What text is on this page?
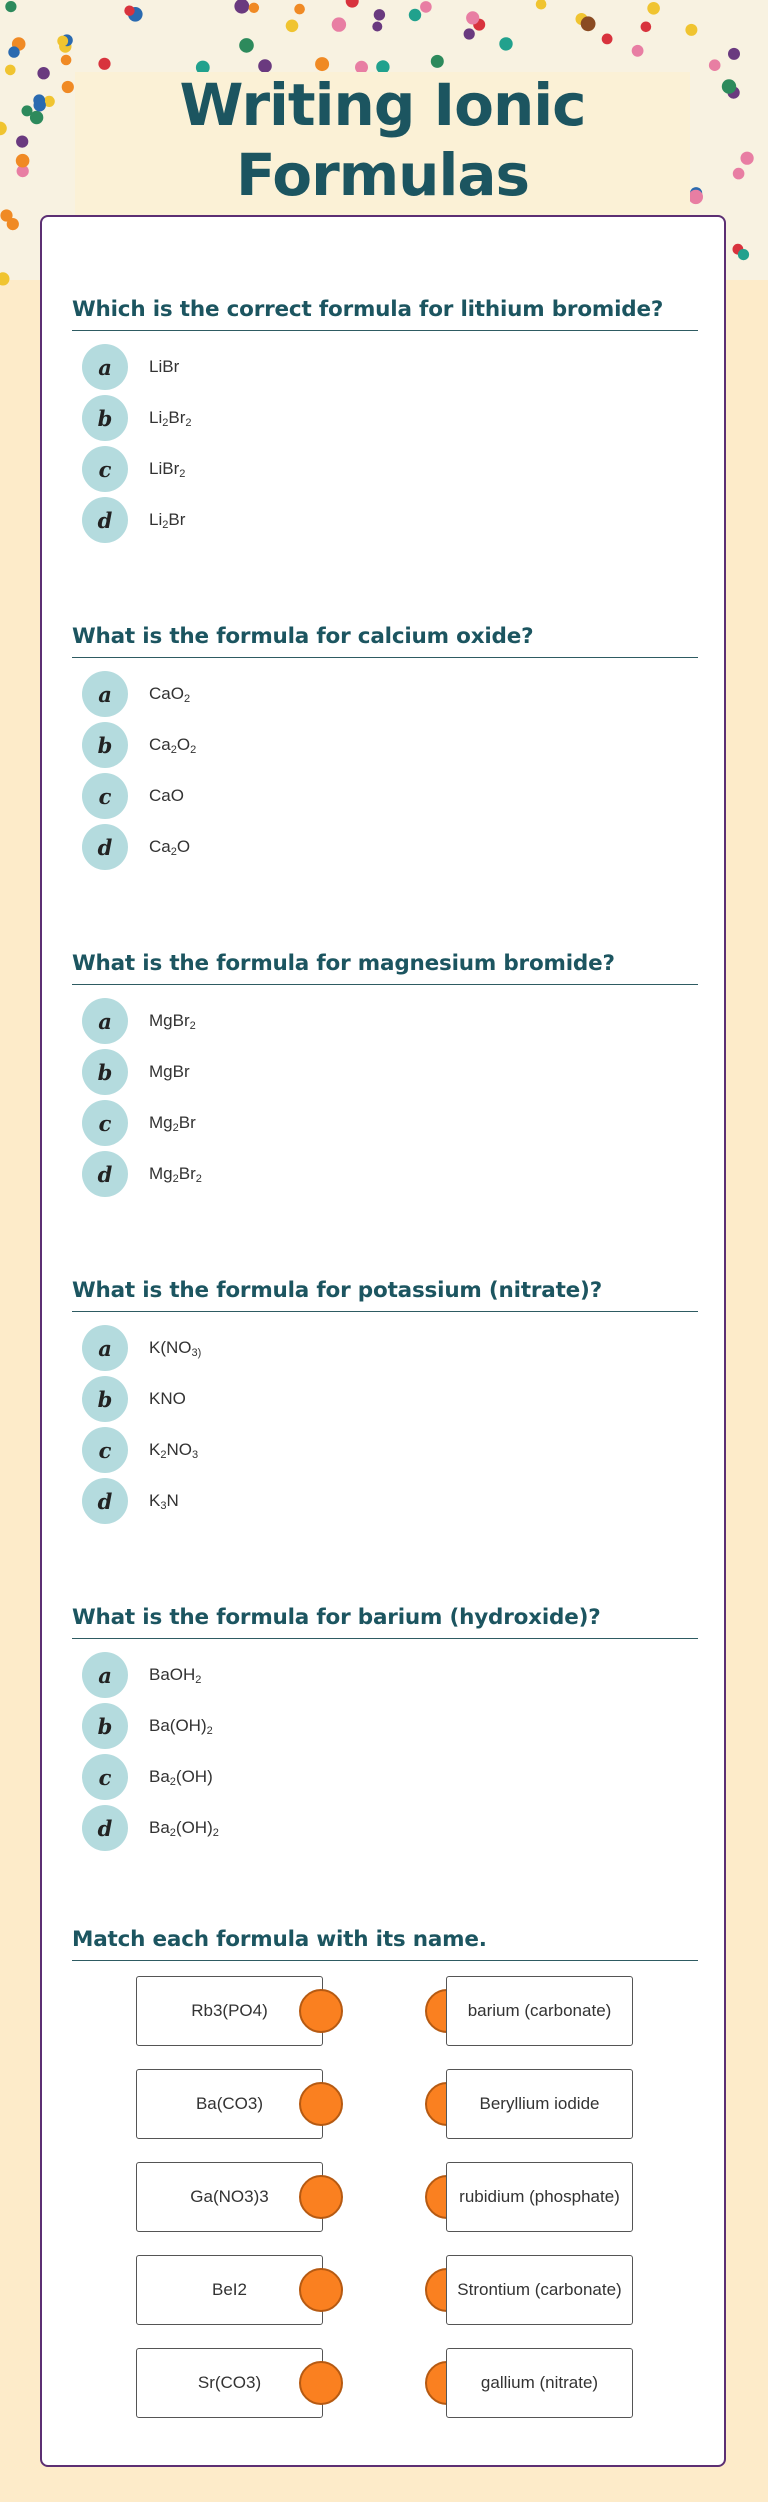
Writing Ionic
Formulas
Match each formula with its name.
Which is the correct formula for lithium bromide?
a	LiBr
b	$Li_2Br_2$
c	LiBr$_2$
d	$Li_2Br$
What is the formula for calcium oxide?
a	CaO$_2$
b	$Ca_2O_2$
c	CaO
d	$Ca_2O$
What is the formula for magnesium bromide?
a	MgBr$_2$
b	MgBr
c	$Mg_2Br$
d	$Mg_2Br_2$
What is the formula for potassium (nitrate)?
a	$K(NO_{3)}$
b	KNO
c	$K_2NO_3$
d	$K_3N$
What is the formula for barium (hydroxide)?
a	BaOH$_2$
b	$Ba(OH)_2$
c	$Ba_2(OH)$
d	$Ba_2(OH)_2$
Rb3(PO4)	barium (carbonate)
Ba(CO3)	Beryllium iodide
Ga(NO3)3	rubidium (phosphate)
BeI2	Strontium (carbonate)
Sr(CO3)	gallium (nitrate)
